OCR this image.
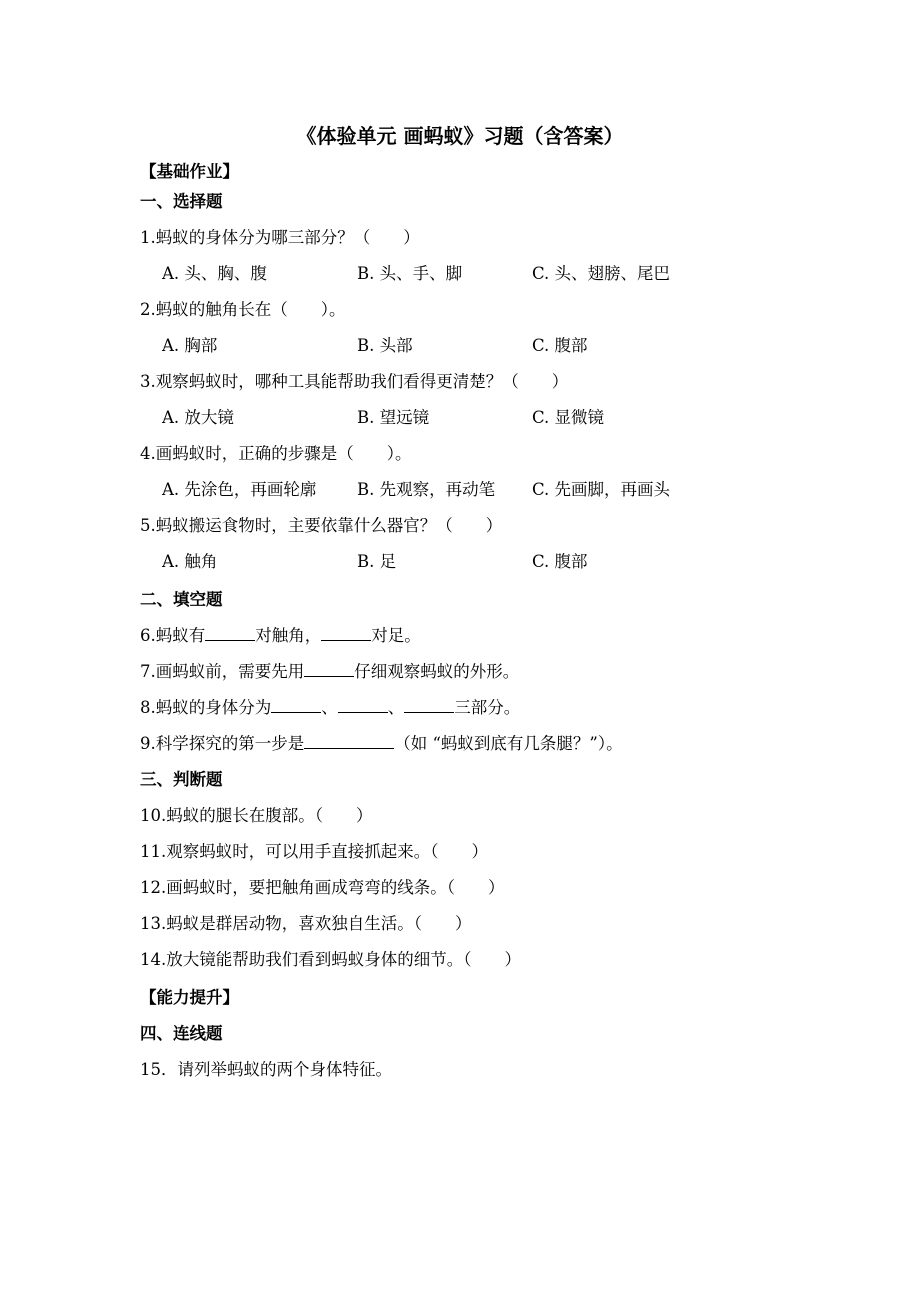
《体验单元 画蚂蚁》习题（含答案）
【基础作业】
一、选择题
1.蚂蚁的身体分为哪三部分？（　　）
A. 头、胸、腹	B. 头、手、脚	C. 头、翅膀、尾巴
2.蚂蚁的触角长在（　　）。
A. 胸部	B. 头部	C. 腹部
3.观察蚂蚁时，哪种工具能帮助我们看得更清楚？（　　）
A. 放大镜	B. 望远镜	C. 显微镜
4.画蚂蚁时，正确的步骤是（　　）。
A. 先涂色，再画轮廓 B. 先观察，再动笔 C. 先画脚，再画头
5.蚂蚁搬运食物时，主要依靠什么器官？（　　）
A. 触角	B. 足	C. 腹部
二、填空题
6.蚂蚁有	对触角，	对足。
7.画蚂蚁前，需要先用	仔细观察蚂蚁的外形。
8.蚂蚁的身体分为	、	、	三部分。
9.科学探究的第一步是	（如 “蚂蚁到底有几条腿？”）。
三、判断题
10.蚂蚁的腿长在腹部。（　　）
11.观察蚂蚁时，可以用手直接抓起来。（　　）
12.画蚂蚁时，要把触角画成弯弯的线条。（　　）
13.蚂蚁是群居动物，喜欢独自生活。（　　）
14.放大镜能帮助我们看到蚂蚁身体的细节。（　　）
【能力提升】
四、连线题
15．请列举蚂蚁的两个身体特征。
